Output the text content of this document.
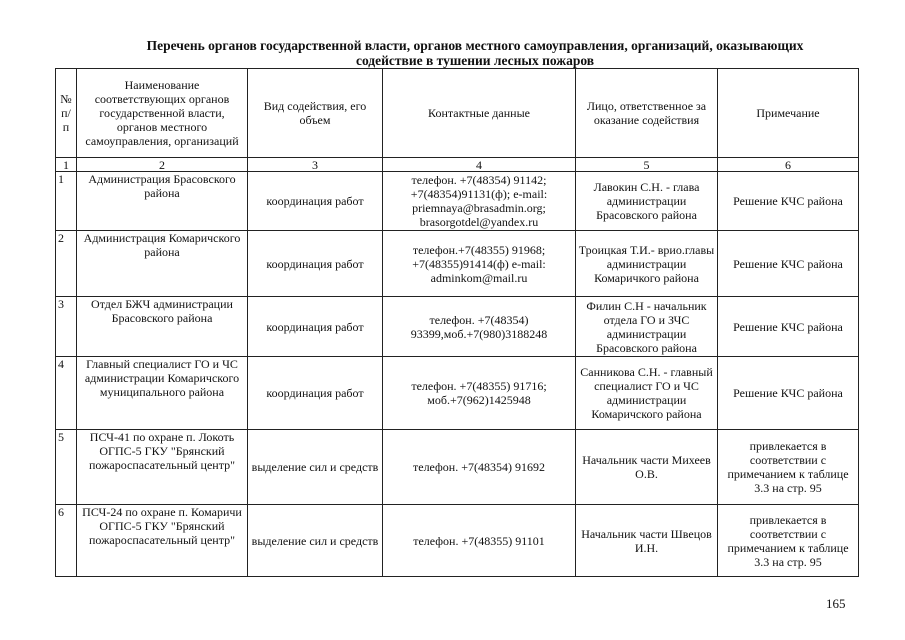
Перечень органов государственной власти, органов местного самоуправления, организаций, оказывающих
содействие в тушении лесных пожаров
№ п/п	Наименование соответствующих органов государственной власти, органов местного самоуправления, организаций	Вид содействия, его объем	Контактные данные	Лицо, ответственное за оказание содействия	Примечание
1	2	3	4	5	6
1	Администрация Брасовского района	координация работ	телефон. +7(48354) 91142; +7(48354)91131(ф); e-mail: priemnaya@brasadmin.org; brasorgotdel@yandex.ru	Лавокин С.Н. - глава администрации Брасовского района	Решение КЧС района
2	Администрация Комаричского района	координация работ	телефон.+7(48355) 91968; +7(48355)91414(ф) e-mail: adminkom@mail.ru	Троицкая Т.И.- врио.главы администрации Комаричкого района	Решение КЧС района
3	Отдел БЖЧ администрации Брасовского района	координация работ	телефон. +7(48354) 93399,моб.+7(980)3188248	Филин С.Н - начальник отдела ГО и ЗЧС администрации Брасовского района	Решение КЧС района
4	Главный специалист ГО и ЧС администрации Комаричского муниципального района	координация работ	телефон. +7(48355) 91716; моб.+7(962)1425948	Санникова С.Н. - главный специалист ГО и ЧС администрации Комаричского района	Решение КЧС района
5	ПСЧ-41 по охране п. Локоть ОГПС-5 ГКУ "Брянский пожароспасательный центр"	выделение сил и средств	телефон. +7(48354) 91692	Начальник части Михеев О.В.	привлекается в соответствии с примечанием к таблице 3.3 на стр. 95
6	ПСЧ-24 по охране п. Комаричи ОГПС-5 ГКУ "Брянский пожароспасательный центр"	выделение сил и средств	телефон. +7(48355) 91101	Начальник части Швецов И.Н.	привлекается в соответствии с примечанием к таблице 3.3 на стр. 95
165
